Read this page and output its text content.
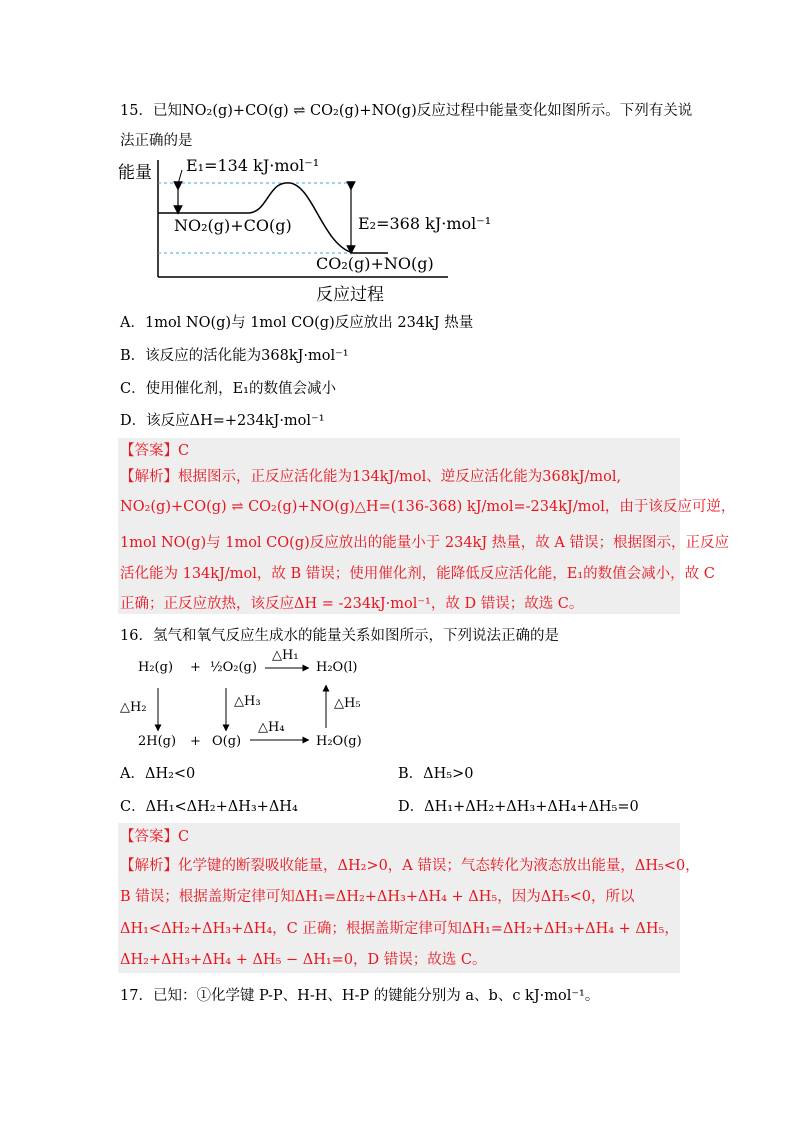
15．已知NO₂(g)+CO(g) ⇌ CO₂(g)+NO(g)反应过程中能量变化如图所示。下列有关说
法正确的是
能量 E₁=134 kJ·mol⁻¹
E₂=368 kJ·mol⁻¹
NO₂(g)+CO(g)
CO₂(g)+NO(g)
反应过程
A．1mol NO(g)与 1mol CO(g)反应放出 234kJ 热量
B．该反应的活化能为368kJ·mol⁻¹
C．使用催化剂，E₁的数值会减小
D．该反应ΔH=+234kJ·mol⁻¹
【答案】C
【解析】根据图示，正反应活化能为134kJ/mol、逆反应活化能为368kJ/mol,
NO₂(g)+CO(g) ⇌ CO₂(g)+NO(g)△H=(136-368) kJ/mol=-234kJ/mol，由于该反应可逆，
1mol NO(g)与 1mol CO(g)反应放出的能量小于 234kJ 热量，故 A 错误；根据图示，正反应
活化能为 134kJ/mol，故 B 错误；使用催化剂，能降低反应活化能，E₁的数值会减小，故 C
正确；正反应放热，该反应ΔH = -234kJ·mol⁻¹，故 D 错误；故选 C。
16．氢气和氧气反应生成水的能量关系如图所示，下列说法正确的是
H₂(g) + ½O₂(g)
△H₁
H₂O(l)
△H₂	△H₃	△H₅
2H(g) + O(g)
△H₄
H₂O(g)
A．ΔH₂<0	B．ΔH₅>0
C．ΔH₁<ΔH₂+ΔH₃+ΔH₄	D．ΔH₁+ΔH₂+ΔH₃+ΔH₄+ΔH₅=0
【答案】C
【解析】化学键的断裂吸收能量，ΔH₂>0，A 错误；气态转化为液态放出能量，ΔH₅<0，
B 错误；根据盖斯定律可知ΔH₁=ΔH₂+ΔH₃+ΔH₄ + ΔH₅，因为ΔH₅<0，所以
ΔH₁<ΔH₂+ΔH₃+ΔH₄，C 正确；根据盖斯定律可知ΔH₁=ΔH₂+ΔH₃+ΔH₄ + ΔH₅，
ΔH₂+ΔH₃+ΔH₄ + ΔH₅ − ΔH₁=0，D 错误；故选 C。
17．已知：①化学键 P-P、H-H、H-P 的键能分别为 a、b、c kJ·mol⁻¹。
